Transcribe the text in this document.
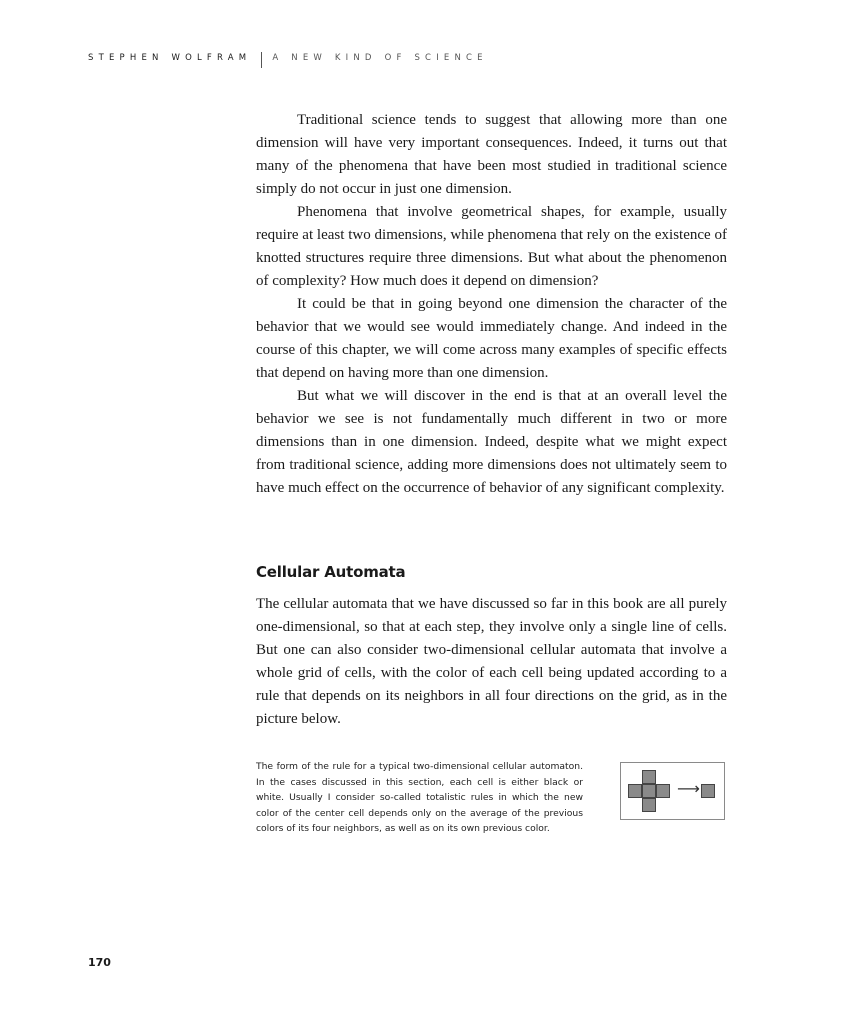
STEPHEN WOLFRAM A NEW KIND OF SCIENCE

Traditional science tends to suggest that allowing more than one dimension will have very important consequences. Indeed, it turns out that many of the phenomena that have been most studied in traditional science simply do not occur in just one dimension.

Phenomena that involve geometrical shapes, for example, usually require at least two dimensions, while phenomena that rely on the existence of knotted structures require three dimensions. But what about the phenomenon of complexity? How much does it depend on dimension?

It could be that in going beyond one dimension the character of the behavior that we would see would immediately change. And indeed in the course of this chapter, we will come across many examples of specific effects that depend on having more than one dimension.

But what we will discover in the end is that at an overall level the behavior we see is not fundamentally much different in two or more dimensions than in one dimension. Indeed, despite what we might expect from traditional science, adding more dimensions does not ultimately seem to have much effect on the occurrence of behavior of any significant complexity.

Cellular Automata

The cellular automata that we have discussed so far in this book are all purely one-dimensional, so that at each step, they involve only a single line of cells. But one can also consider two-dimensional cellular automata that involve a whole grid of cells, with the color of each cell being updated according to a rule that depends on its neighbors in all four directions on the grid, as in the picture below.

The form of the rule for a typical two-dimensional cellular automaton. In the cases discussed in this section, each cell is either black or white. Usually I consider so-called totalistic rules in which the new color of the center cell depends only on the average of the previous colors of its four neighbors, as well as on its own previous color.
⟶
170
